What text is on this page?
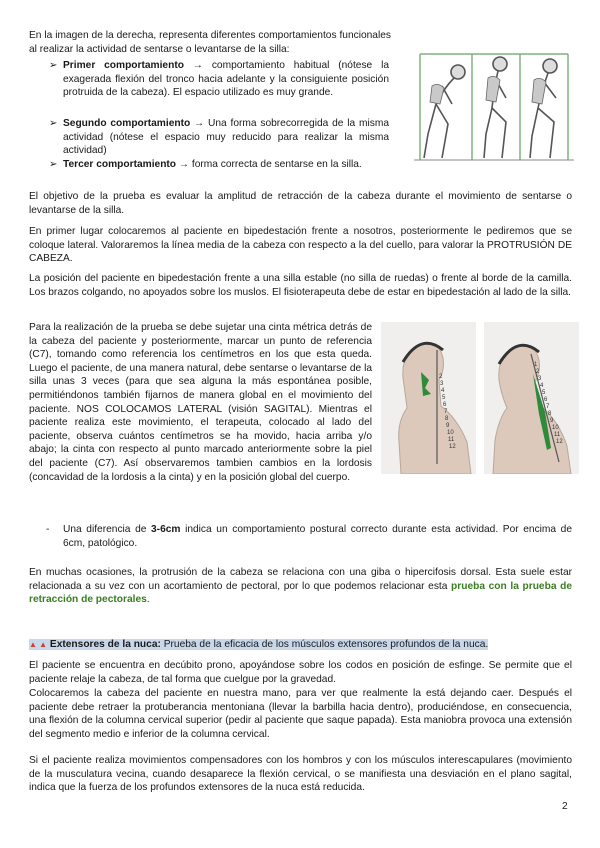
En la imagen de la derecha, representa diferentes comportamientos funcionales al realizar la actividad de sentarse o levantarse de la silla:

➢ Primer comportamiento → comportamiento habitual (nótese la exagerada flexión del tronco hacia adelante y la consiguiente posición protruida de la cabeza). El espacio utilizado es muy grande.
➢ Segundo comportamiento → Una forma sobrecorregida de la misma actividad (nótese el espacio muy reducido para realizar la misma actividad)
➢ Tercer comportamiento → forma correcta de sentarse en la silla.

El objetivo de la prueba es evaluar la amplitud de retracción de la cabeza durante el movimiento de sentarse o levantarse de la silla.

En primer lugar colocaremos al paciente en bipedestación frente a nosotros, posteriormente le pediremos que se coloque lateral. Valoraremos la línea media de la cabeza con respecto a la del cuello, para valorar la PROTRUSIÓN DE CABEZA.

La posición del paciente en bipedestación frente a una silla estable (no silla de ruedas) o frente al borde de la camilla. Los brazos colgando, no apoyados sobre los muslos. El fisioterapeuta debe de estar en bipedestación al lado de la silla.

Para la realización de la prueba se debe sujetar una cinta métrica detrás de la cabeza del paciente y posteriormente, marcar un punto de referencia (C7), tomando como referencia los centímetros en los que esta queda. Luego el paciente, de una manera natural, debe sentarse o levantarse de la silla unas 3 veces (para que sea alguna la más espontánea posible, permitiéndonos también fijarnos de manera global en el movimiento del paciente. NOS COLOCAMOS LATERAL (visión SAGITAL). Mientras el paciente realiza este movimiento, el terapeuta, colocado al lado del paciente, observa cuántos centímetros se ha movido, hacia arriba y/o abajo; la cinta con respecto al punto marcado anteriormente sobre la piel del paciente (C7). Así observaremos tambien cambios en la lordosis (concavidad de la lordosis a la cinta) y en la posición global del cuerpo.

2
3
4
5
6
7
8
9
10
11
12
1
2
3
4
5
6
7
8
9
10
11
12
- Una diferencia de 3-6cm indica un comportamiento postural correcto durante esta actividad. Por encima de 6cm, patológico.

En muchas ocasiones, la protrusión de la cabeza se relaciona con una giba o hipercifosis dorsal. Esta suele estar relacionada a su vez con un acortamiento de pectoral, por lo que podemos relacionar esta prueba con la prueba de retracción de pectorales.

▲ ▲ Extensores de la nuca: Prueba de la eficacia de los músculos extensores profundos de la nuca.

El paciente se encuentra en decúbito prono, apoyándose sobre los codos en posición de esfinge. Se permite que el paciente relaje la cabeza, de tal forma que cuelgue por la gravedad.

Colocaremos la cabeza del paciente en nuestra mano, para ver que realmente la está dejando caer. Después el paciente debe retraer la protuberancia mentoniana (llevar la barbilla hacia dentro), produciéndose, en consecuencia, una flexión de la columna cervical superior (pedir al paciente que saque papada). Esta maniobra provoca una extensión del segmento medio e inferior de la columna cervical.

Si el paciente realiza movimientos compensadores con los hombros y con los músculos interescapulares (movimiento de la musculatura vecina, cuando desaparece la flexión cervical, o se manifiesta una desviación en el plano sagital, indica que la fuerza de los profundos extensores de la nuca está reducida.

2
